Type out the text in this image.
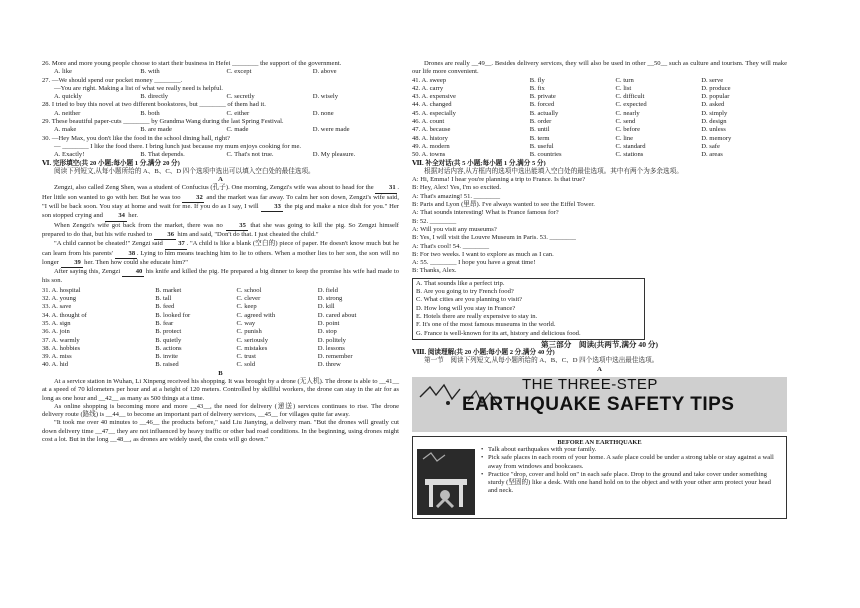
26. More and more young people choose to start their business in Hefei ________ the support of the government.

A. like	B. with	C. except	D. above

27. —We should spend our pocket money ________.

—You are right. Making a list of what we really need is helpful.

A. quickly	B. directly	C. secretly	D. wisely

28. I tried to buy this novel at two different bookstores, but ________ of them had it.

A. neither	B. both	C. either	D. none

29. These beautiful paper-cuts ________ by Grandma Wang during the last Spring Festival.

A. make	B. are made	C. made	D. were made

30. —Hey Max, you don't like the food in the school dining hall, right?

— ________ I like the food there. I bring lunch just because my mum enjoys cooking for me.

A. Exactly!	B. That depends.	C. That's not true.	D. My pleasure.

Ⅵ. 完形填空(共 20 小题;每小题 1 分,满分 20 分)

阅读下列短文,从每小题所给的 A、B、C、D 四个选项中选出可以填入空白处的最佳选项。

A

Zengzi, also called Zeng Shen, was a student of Confucius (孔子). One morning, Zengzi's wife was about to head for the 31 . Her little son wanted to go with her. But he was too 32 and the market was far away. To calm her son down, Zengzi's wife said, "I will be back soon. You stay at home and wait for me. If you do as I say, I will 33 the pig and make a nice dish for you." Her son stopped crying and 34 her.

When Zengzi's wife got back from the market, there was no 35 that she was going to kill the pig. So Zengzi himself prepared to do that, but his wife rushed to 36 him and said, "Don't do that. I just cheated the child."

"A child cannot be cheated!" Zengzi said 37 . "A child is like a blank (空白的) piece of paper. He doesn't know much but he can learn from his parents' 38 . Lying to him means teaching him to lie to others. When a mother lies to her son, the son will no longer 39 her. Then how could she educate him?"

After saying this, Zengzi 40 his knife and killed the pig. He prepared a big dinner to keep the promise his wife had made to his son.

31. A. hospital	B. market	C. school	D. field
32. A. young	B. tall	C. clever	D. strong
33. A. save	B. feed	C. keep	D. kill
34. A. thought of	B. looked for	C. agreed with	D. cared about
35. A. sign	B. fear	C. way	D. point
36. A. join	B. protect	C. punish	D. stop
37. A. warmly	B. quietly	C. seriously	D. politely
38. A. hobbies	B. actions	C. mistakes	D. lessons
39. A. miss	B. invite	C. trust	D. remember
40. A. hid	B. raised	C. sold	D. threw

B

At a service station in Wuhan, Li Xinpeng received his shopping. It was brought by a drone (无人机). The drone is able to __41__ at a speed of 70 kilometers per hour and at a height of 120 meters. Controlled by skillful workers, the drone can stay in the air for as long as one hour and __42__ as many as 500 things at a time.

As online shopping is becoming more and more __43__, the need for delivery (递送) services continues to rise. The drone delivery route (路线) is __44__ to become an important part of delivery services, __45__ for villages quite far away.

"It took me over 40 minutes to __46__ the products before," said Liu Jianying, a delivery man. "But the drones will greatly cut down delivery time __47__ they are not influenced by heavy traffic or other bad road conditions. In the beginning, using drones might cost a lot. But in the long __48__, as drones are widely used, the costs will go down."

Drones are really __49__. Besides delivery services, they will also be used in other __50__ such as culture and tourism. They will make our life more convenient.

41. A. sweep	B. fly	C. turn	D. serve
42. A. carry	B. fix	C. list	D. produce
43. A. expensive	B. private	C. difficult	D. popular
44. A. changed	B. forced	C. expected	D. asked
45. A. especially	B. actually	C. nearly	D. simply
46. A. count	B. order	C. send	D. design
47. A. because	B. until	C. before	D. unless
48. A. history	B. term	C. line	D. memory
49. A. modern	B. useful	C. standard	D. safe
50. A. towns	B. countries	C. stations	D. areas

Ⅶ. 补全对话(共 5 小题;每小题 1 分,满分 5 分)

根据对话内容,从方框内的选项中选出能填入空白处的最佳选项。其中有两个为多余选项。

A: Hi, Emma! I hear you're planning a trip to France. Is that true?

B: Hey, Alex! Yes, I'm so excited.

A: That's amazing! 51. ________

B: Paris and Lyon (里昂). I've always wanted to see the Eiffel Tower.

A: That sounds interesting! What is France famous for?

B: 52. ________

A: Will you visit any museums?

B: Yes, I will visit the Louvre Museum in Paris. 53. ________

A: That's cool! 54. ________

B: For two weeks. I want to explore as much as I can.

A: 55. ________ I hope you have a great time!

B: Thanks, Alex.

A. That sounds like a perfect trip.
B. Are you going to try French food?
C. What cities are you planning to visit?
D. How long will you stay in France?
E. Hotels there are really expensive to stay in.
F. It's one of the most famous museums in the world.
G. France is well-known for its art, history and delicious food.

第三部分　阅读(共两节,满分 40 分)

Ⅷ. 阅读理解(共 20 小题;每小题 2 分,满分 40 分)

第一节　阅读下列短文,从每小题所给的 A、B、C、D 四个选项中选出最佳选项。

A

THE THREE-STEP
EARTHQUAKE SAFETY TIPS
BEFORE AN EARTHQUAKE
• Talk about earthquakes with your family.
• Pick safe places in each room of your home. A safe place could be under a strong table or stay against a wall away from windows and bookcases.
• Practice "drop, cover and hold on" in each safe place. Drop to the ground and take cover under something sturdy (坚固的) like a desk. With one hand hold on to the object and with your other arm protect your head and neck.
